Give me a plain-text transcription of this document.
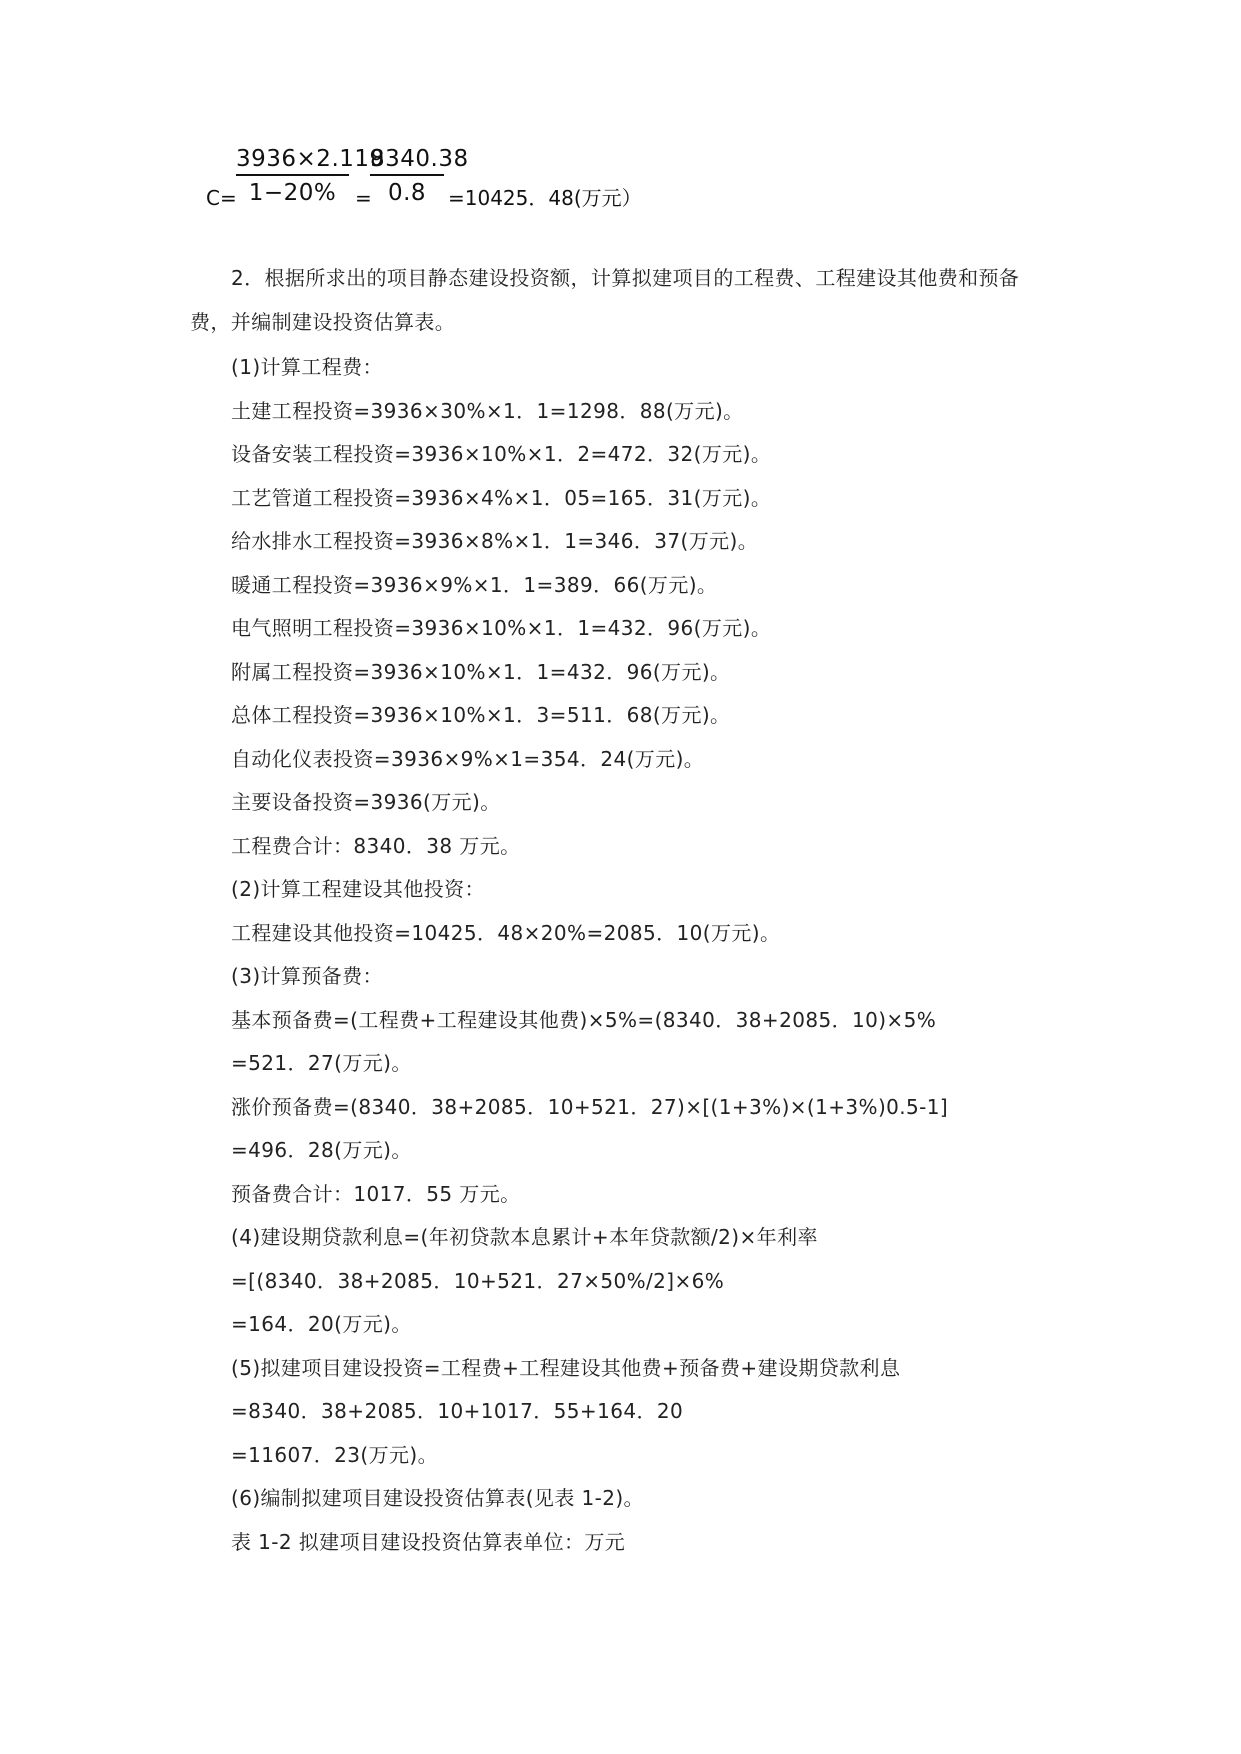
C=
3936×2.119
1−20% =
8340.38
0.8	=10425．48(万元）

2．根据所求出的项目静态建设投资额，计算拟建项目的工程费、工程建设其他费和预备费，并编制建设投资估算表。

(1)计算工程费：
土建工程投资=3936×30%×1．1=1298．88(万元)。
设备安装工程投资=3936×10%×1．2=472．32(万元)。
工艺管道工程投资=3936×4%×1．05=165．31(万元)。
给水排水工程投资=3936×8%×1．1=346．37(万元)。
暖通工程投资=3936×9%×1．1=389．66(万元)。
电气照明工程投资=3936×10%×1．1=432．96(万元)。
附属工程投资=3936×10%×1．1=432．96(万元)。
总体工程投资=3936×10%×1．3=511．68(万元)。
自动化仪表投资=3936×9%×1=354．24(万元)。
主要设备投资=3936(万元)。
工程费合计：8340．38 万元。
(2)计算工程建设其他投资：
工程建设其他投资=10425．48×20%=2085．10(万元)。
(3)计算预备费：
基本预备费=(工程费+工程建设其他费)×5%=(8340．38+2085．10)×5%
=521．27(万元)。
涨价预备费=(8340．38+2085．10+521．27)×[(1+3%)×(1+3%)0.5-1]
=496．28(万元)。
预备费合计：1017．55 万元。
(4)建设期贷款利息=(年初贷款本息累计+本年贷款额/2)×年利率
=[(8340．38+2085．10+521．27×50%/2]×6%
=164．20(万元)。
(5)拟建项目建设投资=工程费+工程建设其他费+预备费+建设期贷款利息
=8340．38+2085．10+1017．55+164．20
=11607．23(万元)。
(6)编制拟建项目建设投资估算表(见表 1-2)。
表 1-2 拟建项目建设投资估算表单位：万元
